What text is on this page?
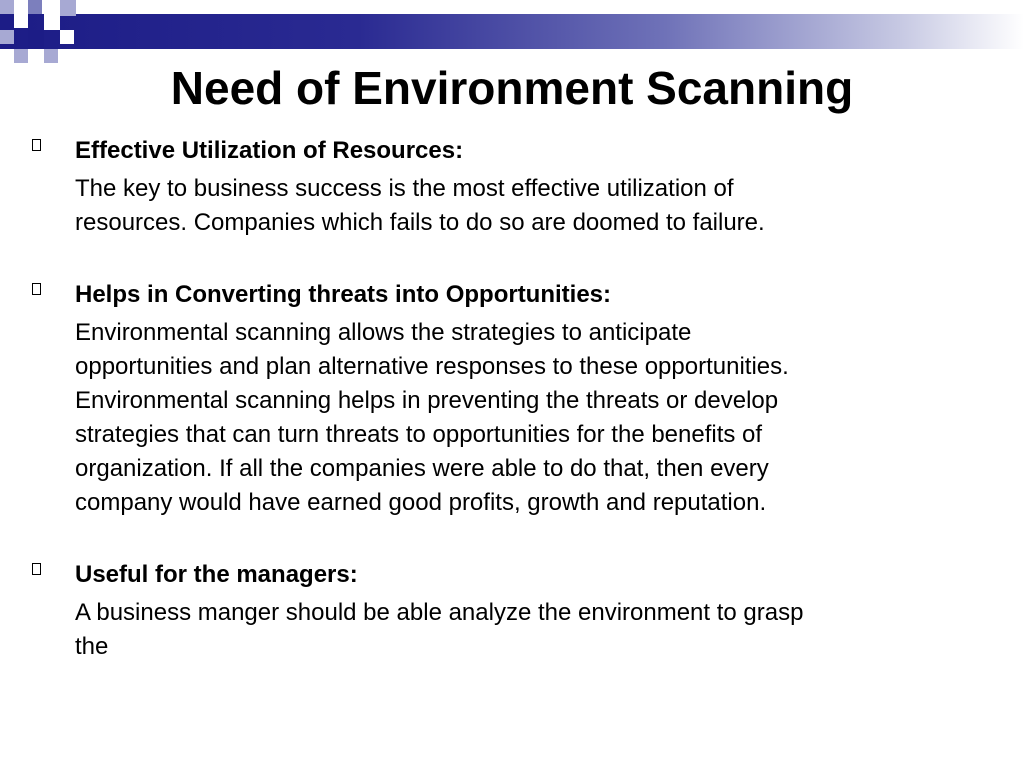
Need of Environment Scanning
Effective Utilization of Resources:
The key to business success is the most effective utilization of
resources. Companies which fails to do so are doomed to failure.
Helps in Converting threats into Opportunities:
Environmental scanning allows the strategies to anticipate
opportunities and plan alternative responses to these opportunities.
Environmental scanning helps in preventing the threats or develop
strategies that can turn threats to opportunities for the benefits of
organization. If all the companies were able to do that, then every
company would have earned good profits, growth and reputation.
Useful for the managers:
A business manger should be able analyze the environment to grasp
the
